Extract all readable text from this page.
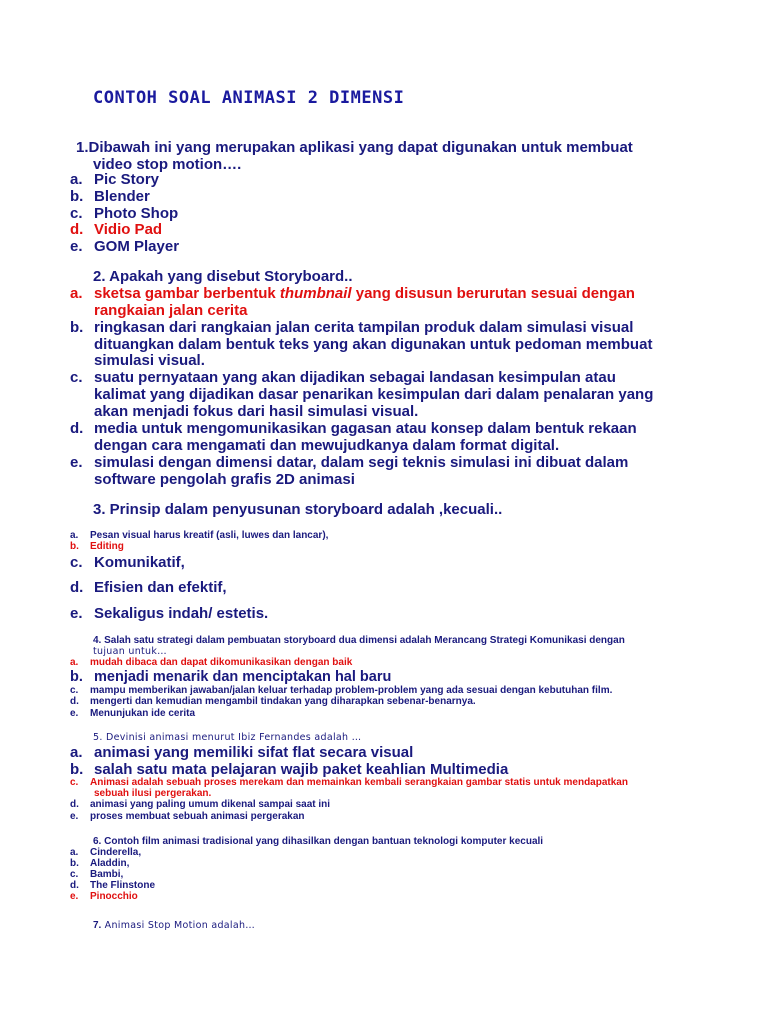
CONTOH SOAL ANIMASI 2 DIMENSI
1.Dibawah ini yang merupakan aplikasi yang dapat digunakan untuk membuat
video stop motion….
a. Pic Story
b. Blender
c. Photo Shop
d. Vidio Pad
e. GOM Player
2. Apakah yang disebut Storyboard..
a. sketsa gambar berbentuk thumbnail yang disusun berurutan sesuai dengan
rangkaian jalan cerita
b. ringkasan dari rangkaian jalan cerita tampilan produk dalam simulasi visual
dituangkan dalam bentuk teks yang akan digunakan untuk pedoman membuat
simulasi visual.
c. suatu pernyataan yang akan dijadikan sebagai landasan kesimpulan atau
kalimat yang dijadikan dasar penarikan kesimpulan dari dalam penalaran yang
akan menjadi fokus dari hasil simulasi visual.
d. media untuk mengomunikasikan gagasan atau konsep dalam bentuk rekaan
dengan cara mengamati dan mewujudkanya dalam format digital.
e. simulasi dengan dimensi datar, dalam segi teknis simulasi ini dibuat dalam
software pengolah grafis 2D animasi
3. Prinsip dalam penyusunan storyboard adalah ,kecuali..
a. Pesan visual harus kreatif (asli, luwes dan lancar),
b. Editing
c. Komunikatif,
d. Efisien dan efektif,
e. Sekaligus indah/ estetis.
4. Salah satu strategi dalam pembuatan storyboard dua dimensi adalah Merancang Strategi Komunikasi dengan
tujuan untuk…
a. mudah dibaca dan dapat dikomunikasikan dengan baik
b. menjadi menarik dan menciptakan hal baru
c. mampu memberikan jawaban/jalan keluar terhadap problem-problem yang ada sesuai dengan kebutuhan film.
d. mengerti dan kemudian mengambil tindakan yang diharapkan sebenar-benarnya.
e. Menunjukan ide cerita
5. Devinisi animasi menurut Ibiz Fernandes adalah …
a. animasi yang memiliki sifat flat secara visual
b. salah satu mata pelajaran wajib paket keahlian Multimedia
c. Animasi adalah sebuah proses merekam dan memainkan kembali serangkaian gambar statis untuk mendapatkan
sebuah ilusi pergerakan.
d. animasi yang paling umum dikenal sampai saat ini
e. proses membuat sebuah animasi pergerakan
6. Contoh film animasi tradisional yang dihasilkan dengan bantuan teknologi komputer kecuali
a. Cinderella,
b. Aladdin,
c. Bambi,
d. The Flinstone
e. Pinocchio
7. Animasi Stop Motion adalah…
